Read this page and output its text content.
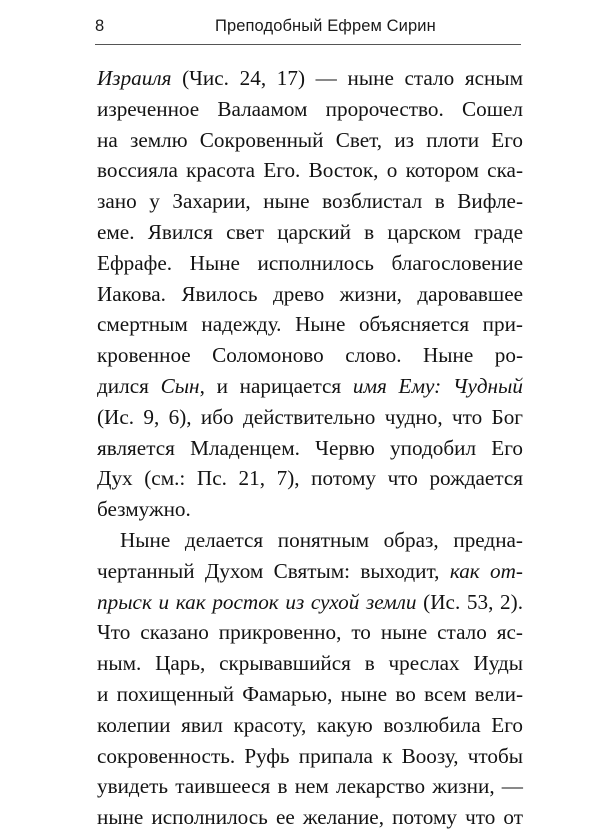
8	Преподобный Ефрем Сирин
Израиля (Чис. 24, 17) — ныне стало ясным
изреченное Валаамом пророчество. Сошел
на землю Сокровенный Свет, из плоти Его
воссияла красота Его. Восток, о котором ска-
зано у Захарии, ныне возблистал в Вифле-
еме. Явился свет царский в царском граде
Ефрафе. Ныне исполнилось благословение
Иакова. Явилось древо жизни, даровавшее
смертным надежду. Ныне объясняется при-
кровенное Соломоново слово. Ныне ро-
дился Сын, и нарицается имя Ему: Чудный
(Ис. 9, 6), ибо действительно чудно, что Бог
является Младенцем. Червю уподобил Его
Дух (см.: Пс. 21, 7), потому что рождается
безмужно.
Ныне делается понятным образ, предна-
чертанный Духом Святым: выходит, как от-
прыск и как росток из сухой земли (Ис. 53, 2).
Что сказано прикровенно, то ныне стало яс-
ным. Царь, скрывавшийся в чреслах Иуды
и похищенный Фамарью, ныне во всем вели-
колепии явил красоту, какую возлюбила Его
сокровенность. Руфь припала к Воозу, чтобы
увидеть таившееся в нем лекарство жизни, —
ныне исполнилось ее желание, потому что от
